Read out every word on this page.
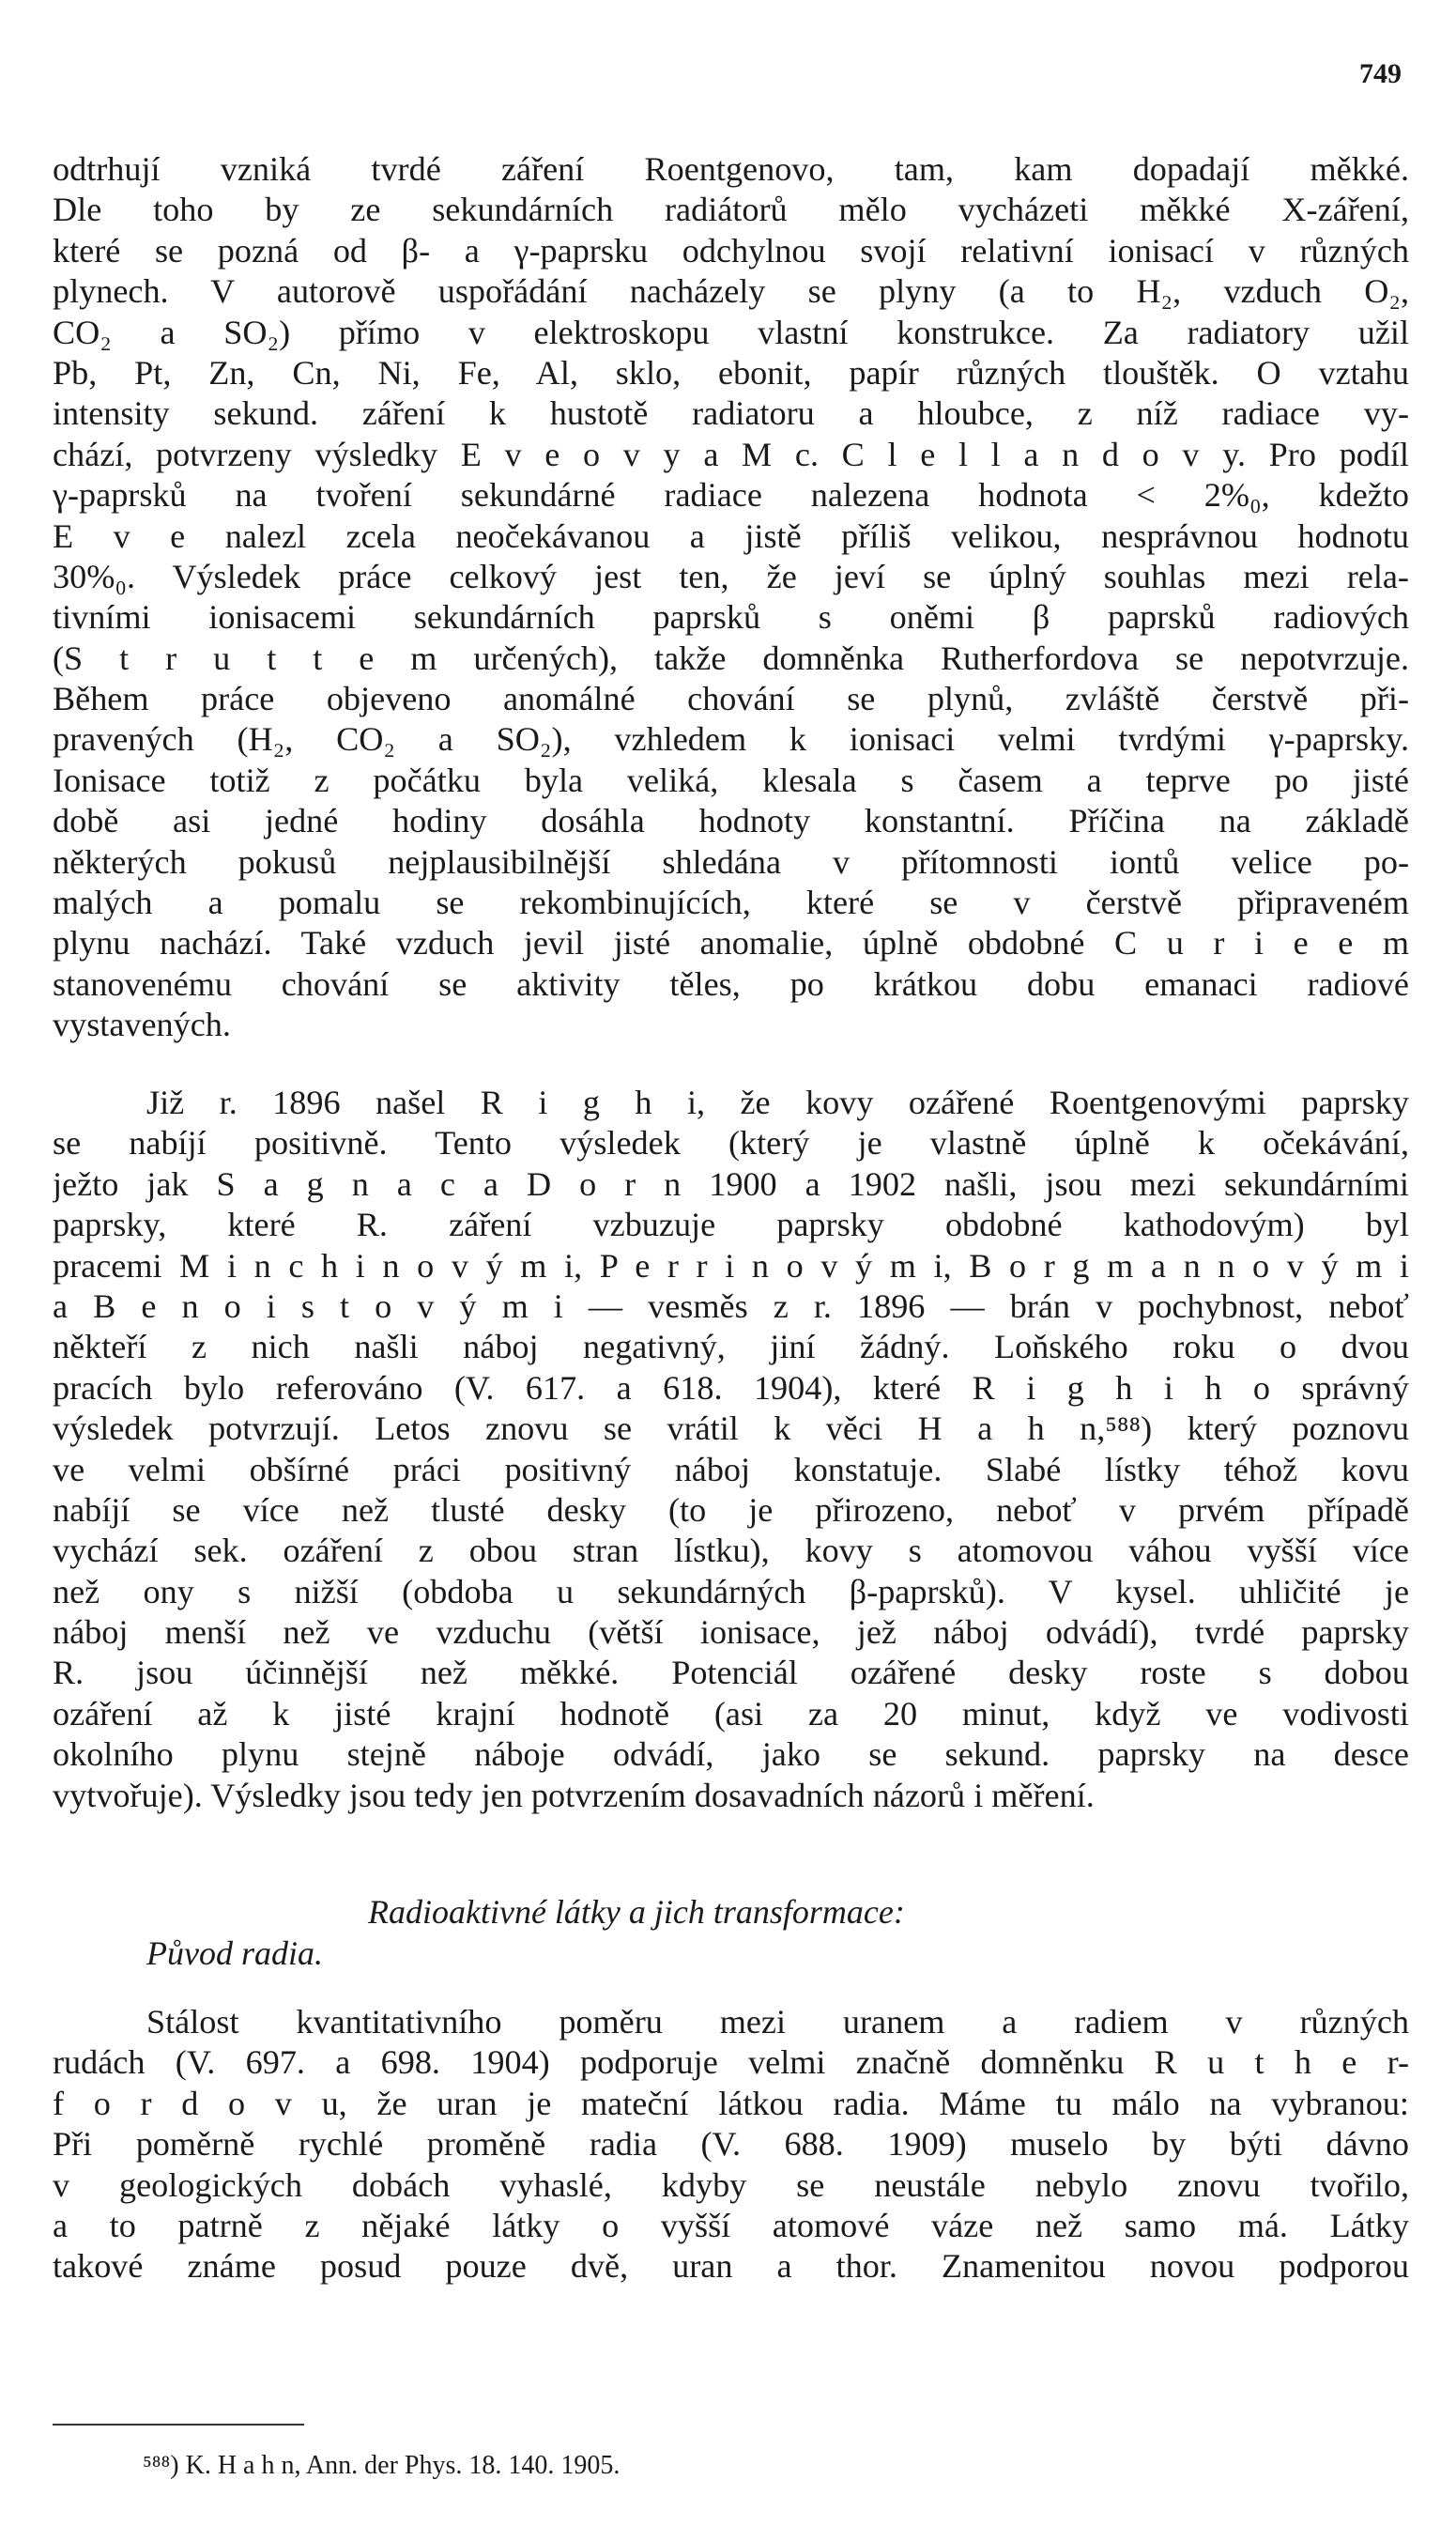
749
odtrhují vzniká tvrdé záření Roentgenovo, tam, kam dopadají měkké.
Dle toho by ze sekundárních radiátorů mělo vycházeti měkké X-záření,
které se pozná od β- a γ-paprsku odchylnou svojí relativní ionisací v různých
plynech. V autorově uspořádání nacházely se plyny (a to H₂, vzduch O₂,
CO₂ a SO₂) přímo v elektroskopu vlastní konstrukce. Za radiatory užil
Pb, Pt, Zn, Cn, Ni, Fe, Al, sklo, ebonit, papír různých tlouštěk. O vztahu
intensity sekund. záření k hustotě radiatoru a hloubce, z níž radiace vy-
chází, potvrzeny výsledky E v e o v y a M c. C l e l l a n d o v y. Pro podíl
γ-paprsků na tvoření sekundárné radiace nalezena hodnota < 2%₀, kdežto
E v e nalezl zcela neočekávanou a jistě příliš velikou, nesprávnou hodnotu
30%₀. Výsledek práce celkový jest ten, že jeví se úplný souhlas mezi rela-
tivními ionisacemi sekundárních paprsků s oněmi β paprsků radiových
(S t r u t t e m určených), takže domněnka Rutherfordova se nepotvrzuje.
Během práce objeveno anomálné chování se plynů, zvláště čerstvě při-
pravených (H₂, CO₂ a SO₂), vzhledem k ionisaci velmi tvrdými γ-paprsky.
Ionisace totiž z počátku byla veliká, klesala s časem a teprve po jisté
době asi jedné hodiny dosáhla hodnoty konstantní. Příčina na základě
některých pokusů nejplausibilnější shledána v přítomnosti iontů velice po-
malých a pomalu se rekombinujících, které se v čerstvě připraveném
plynu nachází. Také vzduch jevil jisté anomalie, úplně obdobné C u r i e e m
stanovenému chování se aktivity těles, po krátkou dobu emanaci radiové
vystavených.
Již r. 1896 našel R i g h i, že kovy ozářené Roentgenovými paprsky
se nabíjí positivně. Tento výsledek (který je vlastně úplně k očekávání,
ježto jak S a g n a c a D o r n 1900 a 1902 našli, jsou mezi sekundárními
paprsky, které R. záření vzbuzuje paprsky obdobné kathodovým) byl
pracemi M i n c h i n o v ý m i, P e r r i n o v ý m i, B o r g m a n n o v ý m i
a B e n o i s t o v ý m i — vesměs z r. 1896 — brán v pochybnost, neboť
někteří z nich našli náboj negativný, jiní žádný. Loňského roku o dvou
pracích bylo referováno (V. 617. a 618. 1904), které R i g h i h o správný
výsledek potvrzují. Letos znovu se vrátil k věci H a h n,⁵⁸⁸) který poznovu
ve velmi obšírné práci positivný náboj konstatuje. Slabé lístky téhož kovu
nabíjí se více než tlusté desky (to je přirozeno, neboť v prvém případě
vychází sek. ozáření z obou stran lístku), kovy s atomovou váhou vyšší více
než ony s nižší (obdoba u sekundárných β-paprsků). V kysel. uhličité je
náboj menší než ve vzduchu (větší ionisace, jež náboj odvádí), tvrdé paprsky
R. jsou účinnější než měkké. Potenciál ozářené desky roste s dobou
ozáření až k jisté krajní hodnotě (asi za 20 minut, když ve vodivosti
okolního plynu stejně náboje odvádí, jako se sekund. paprsky na desce
vytvořuje). Výsledky jsou tedy jen potvrzením dosavadních názorů i měření.
Radioaktivné látky a jich transformace:
Původ radia.
Stálost kvantitativního poměru mezi uranem a radiem v různých
rudách (V. 697. a 698. 1904) podporuje velmi značně domněnku R u t h e r-
f o r d o v u, že uran je mateční látkou radia. Máme tu málo na vybranou:
Při poměrně rychlé proměně radia (V. 688. 1909) muselo by býti dávno
v geologických dobách vyhaslé, kdyby se neustále nebylo znovu tvořilo,
a to patrně z nějaké látky o vyšší atomové váze než samo má. Látky
takové známe posud pouze dvě, uran a thor. Znamenitou novou podporou
⁵⁸⁸) K. H a h n, Ann. der Phys. 18. 140. 1905.
